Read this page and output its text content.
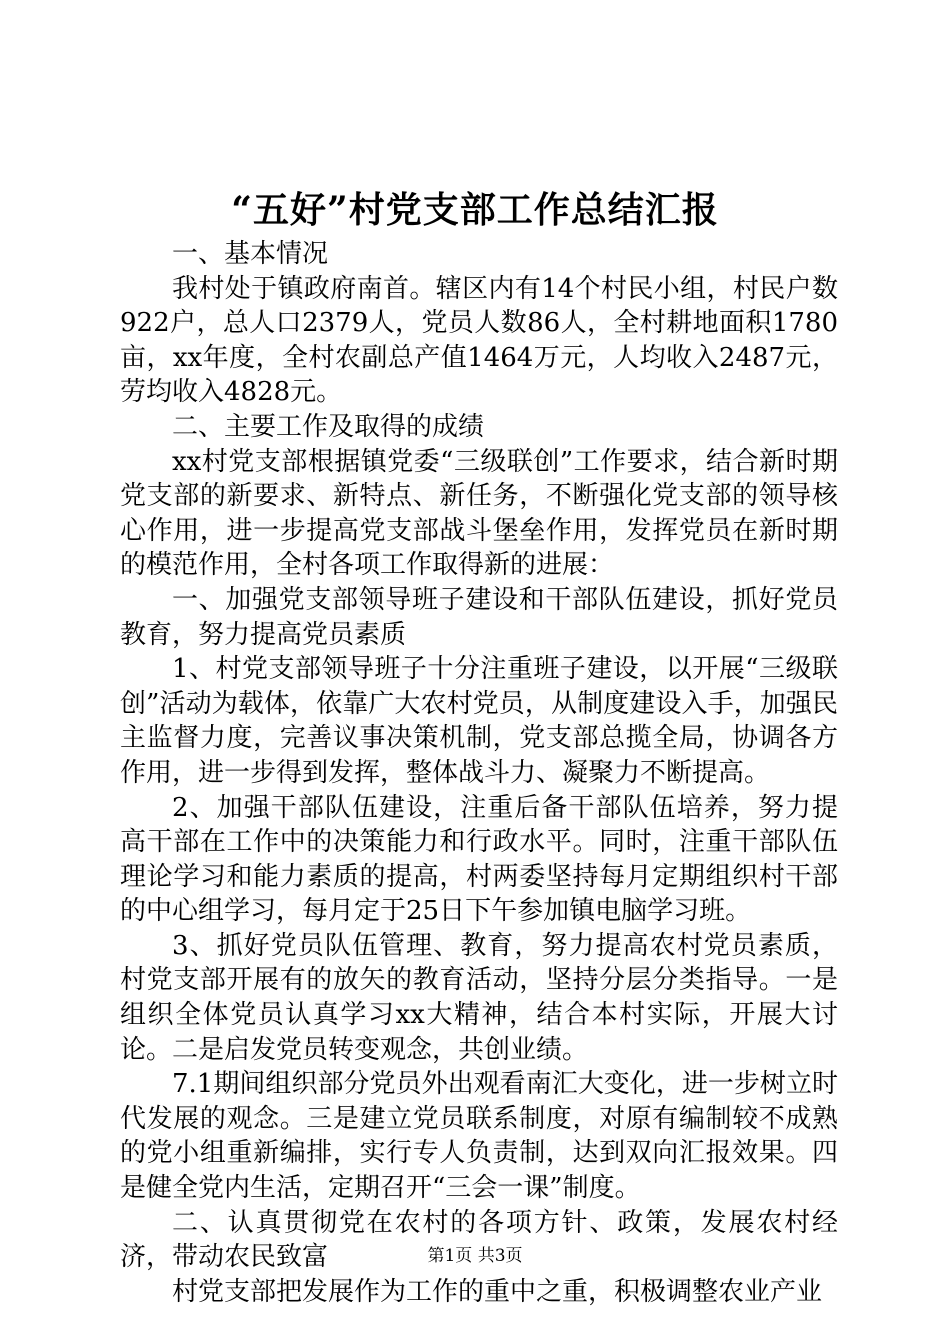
“五好”村党支部工作总结汇报

一、基本情况

我村处于镇政府南首。辖区内有14个村民小组，村民户数922户，总人口2379人，党员人数86人，全村耕地面积1780亩，xx年度，全村农副总产值1464万元，人均收入2487元，劳均收入4828元。

二、主要工作及取得的成绩

xx村党支部根据镇党委“三级联创”工作要求，结合新时期党支部的新要求、新特点、新任务，不断强化党支部的领导核心作用，进一步提高党支部战斗堡垒作用，发挥党员在新时期的模范作用，全村各项工作取得新的进展：

一、加强党支部领导班子建设和干部队伍建设，抓好党员教育，努力提高党员素质

1、村党支部领导班子十分注重班子建设，以开展“三级联创”活动为载体，依靠广大农村党员，从制度建设入手，加强民主监督力度，完善议事决策机制，党支部总揽全局，协调各方作用，进一步得到发挥，整体战斗力、凝聚力不断提高。

2、加强干部队伍建设，注重后备干部队伍培养，努力提高干部在工作中的决策能力和行政水平。同时，注重干部队伍理论学习和能力素质的提高，村两委坚持每月定期组织村干部的中心组学习，每月定于25日下午参加镇电脑学习班。

3、抓好党员队伍管理、教育，努力提高农村党员素质，村党支部开展有的放矢的教育活动，坚持分层分类指导。一是组织全体党员认真学习xx大精神，结合本村实际，开展大讨论。二是启发党员转变观念，共创业绩。

7.1期间组织部分党员外出观看南汇大变化，进一步树立时代发展的观念。三是建立党员联系制度，对原有编制较不成熟的党小组重新编排，实行专人负责制，达到双向汇报效果。四是健全党内生活，定期召开“三会一课”制度。

二、认真贯彻党在农村的各项方针、政策，发展农村经济，带动农民致富

村党支部把发展作为工作的重中之重，积极调整农业产业

第1页 共3页
